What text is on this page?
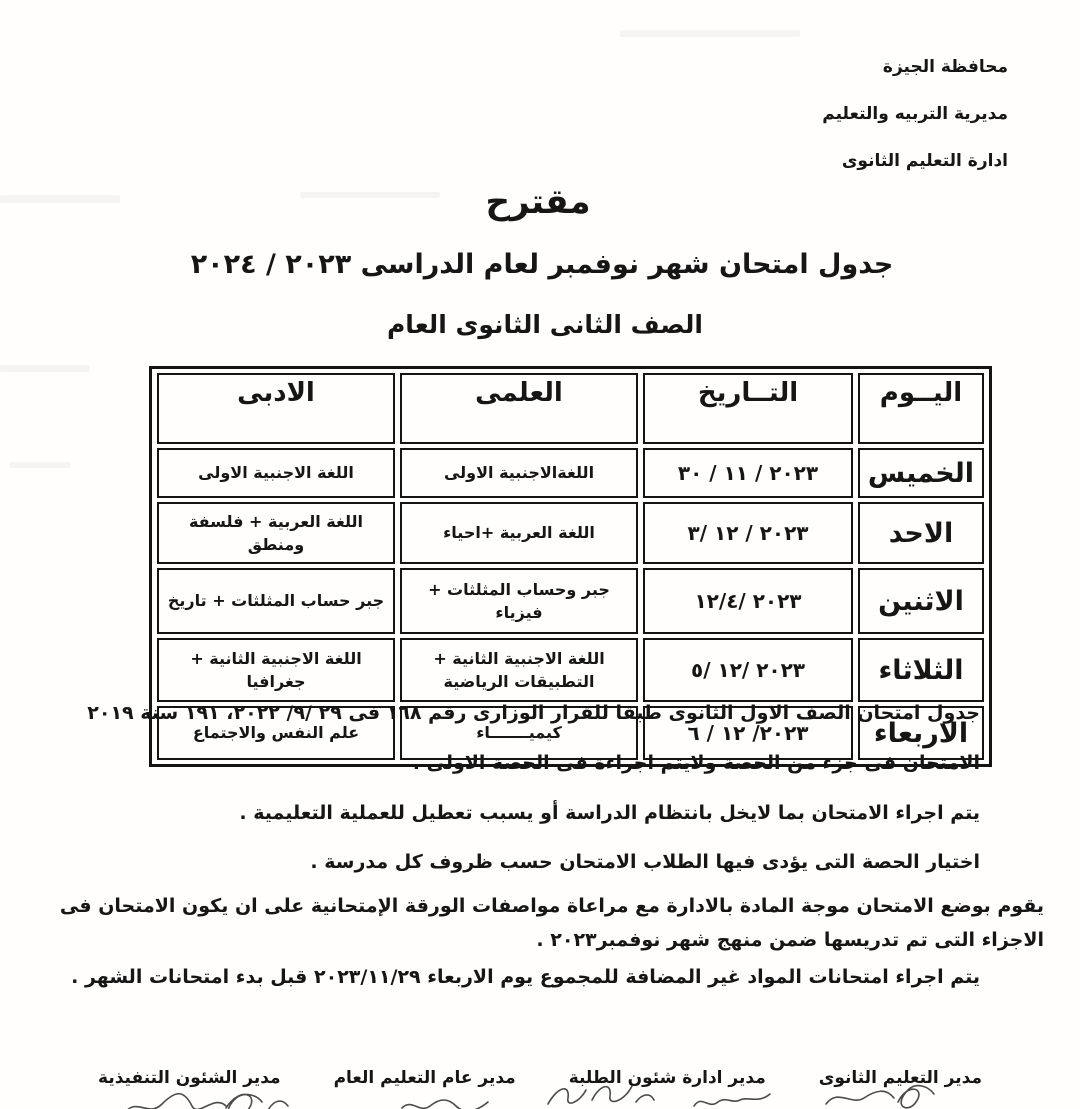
محافظة الجيزة
مديرية التربيه والتعليم
ادارة التعليم الثانوى
مقترح
جدول امتحان شهر نوفمبر لعام الدراسى ٢٠٢٣ / ٢٠٢٤
الصف الثانى الثانوى العام
اليــوم	التــاريخ	العلمى	الادبى
الخميس	٢٠٢٣ / ١١ / ٣٠	اللغةالاجنبية الاولى	اللغة الاجنبية الاولى
الاحد	٢٠٢٣ / ١٢ /٣	اللغة العربية +احياء	اللغة العربية + فلسفة ومنطق
الاثنين	٢٠٢٣ /١٢/٤	جبر وحساب المثلثات + فيزياء	جبر حساب المثلثات + تاريخ
الثلاثاء	٢٠٢٣ /١٢ /٥	اللغة الاجنبية الثانية + التطبيقات الرياضية	اللغة الاجنبية الثانية + جغرافيا
الاربعاء	٢٠٢٣/ ١٢ / ٦	كيميـــــــاء	علم النفس والاجتماع
جدول امتحان الصف الاول الثانوى طبقا للقرار الوزارى رقم ١٦٨ فى ٢٩ /٩/ ٢٠٢٢، ١٩١ سنة ٢٠١٩
الامتحان فى جزء من الحصة ولايتم اجراءة فى الحصة الاولى .
يتم اجراء الامتحان بما لايخل بانتظام الدراسة أو يسبب تعطيل للعملية التعليمية .
اختيار الحصة التى يؤدى فيها الطلاب الامتحان حسب ظروف كل مدرسة .
يقوم بوضع الامتحان موجة المادة بالادارة مع مراعاة مواصفات الورقة الإمتحانية على ان يكون الامتحان فى الاجزاء التى تم تدريسها ضمن منهج شهر نوفمبر٢٠٢٣ .
يتم اجراء امتحانات المواد غير المضافة للمجموع يوم الاربعاء ٢٠٢٣/١١/٢٩ قبل بدء امتحانات الشهر .
مدير التعليم الثانوى
مدير ادارة شئون الطلبة
مدير عام التعليم العام
مدير الشئون التنفيذية
